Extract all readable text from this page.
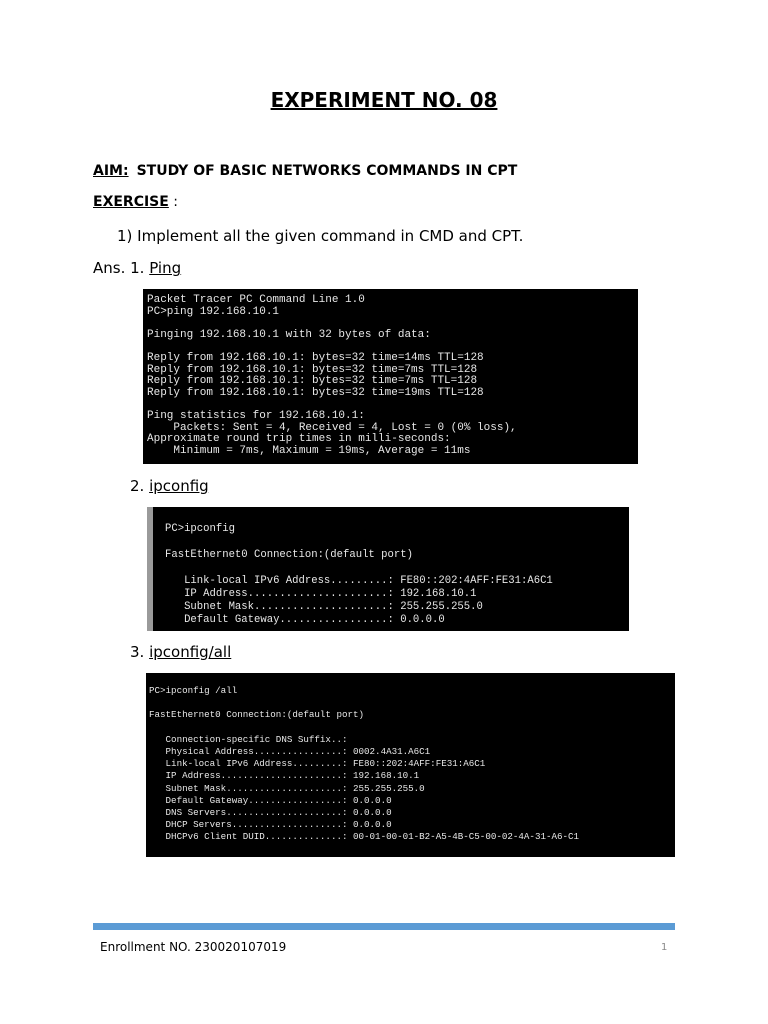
EXPERIMENT NO. 08
AIM: STUDY OF BASIC NETWORKS COMMANDS IN CPT
EXERCISE :
1) Implement all the given command in CMD and CPT.
Ans. 1. Ping
Packet Tracer PC Command Line 1.0
PC>ping 192.168.10.1

Pinging 192.168.10.1 with 32 bytes of data:

Reply from 192.168.10.1: bytes=32 time=14ms TTL=128
Reply from 192.168.10.1: bytes=32 time=7ms TTL=128
Reply from 192.168.10.1: bytes=32 time=7ms TTL=128
Reply from 192.168.10.1: bytes=32 time=19ms TTL=128

Ping statistics for 192.168.10.1:
Packets: Sent = 4, Received = 4, Lost = 0 (0% loss),
Approximate round trip times in milli-seconds:
Minimum = 7ms, Maximum = 19ms, Average = 11ms
2. ipconfig
PC>ipconfig

FastEthernet0 Connection:(default port)

Link-local IPv6 Address.........: FE80::202:4AFF:FE31:A6C1
IP Address......................: 192.168.10.1
Subnet Mask.....................: 255.255.255.0
Default Gateway.................: 0.0.0.0
3. ipconfig/all
PC>ipconfig /all

FastEthernet0 Connection:(default port)

Connection-specific DNS Suffix..:
Physical Address................: 0002.4A31.A6C1
Link-local IPv6 Address.........: FE80::202:4AFF:FE31:A6C1
IP Address......................: 192.168.10.1
Subnet Mask.....................: 255.255.255.0
Default Gateway.................: 0.0.0.0
DNS Servers.....................: 0.0.0.0
DHCP Servers....................: 0.0.0.0
DHCPv6 Client DUID..............: 00-01-00-01-B2-A5-4B-C5-00-02-4A-31-A6-C1
Enrollment NO. 230020107019	1
